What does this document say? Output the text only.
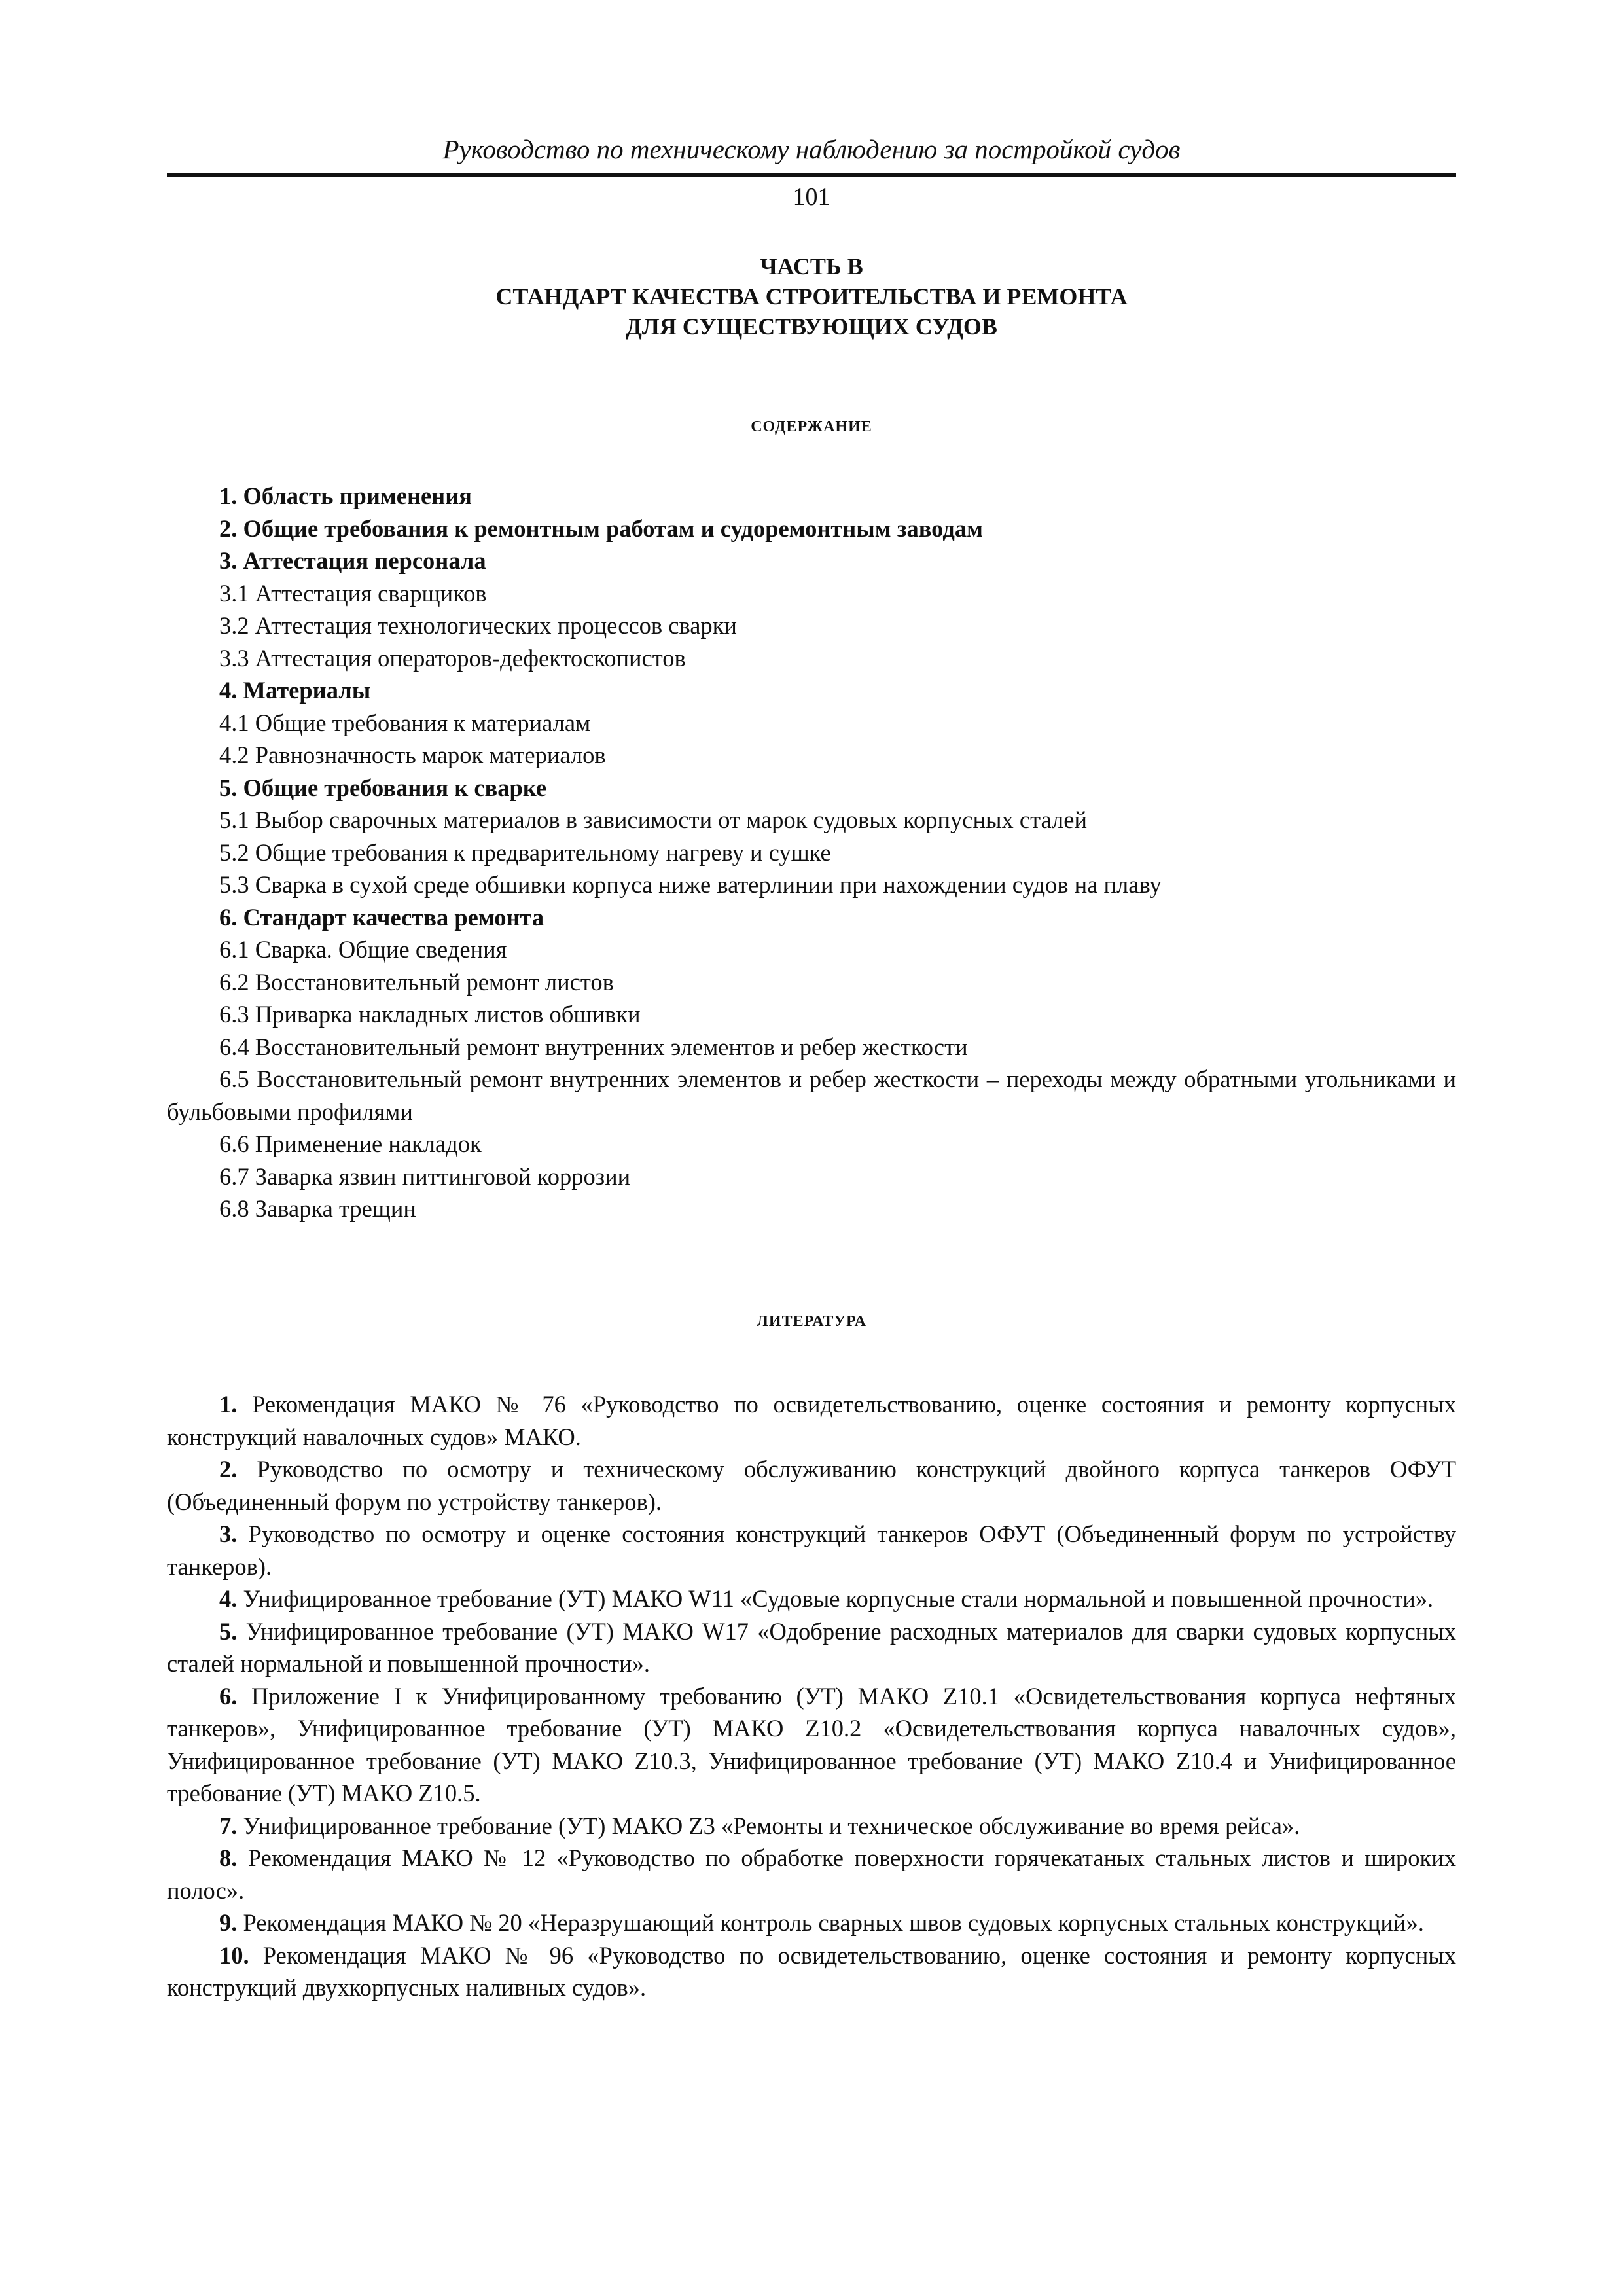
Руководство по техническому наблюдению за постройкой судов
101
ЧАСТЬ B
СТАНДАРТ КАЧЕСТВА СТРОИТЕЛЬСТВА И РЕМОНТА
ДЛЯ СУЩЕСТВУЮЩИХ СУДОВ
СОДЕРЖАНИЕ
1. Область применения
2. Общие требования к ремонтным работам и судоремонтным заводам
3. Аттестация персонала
3.1 Аттестация сварщиков
3.2 Аттестация технологических процессов сварки
3.3 Аттестация операторов-дефектоскопистов
4. Материалы
4.1 Общие требования к материалам
4.2 Равнозначность марок материалов
5. Общие требования к сварке
5.1 Выбор сварочных материалов в зависимости от марок судовых корпусных сталей
5.2 Общие требования к предварительному нагреву и сушке
5.3 Сварка в сухой среде обшивки корпуса ниже ватерлинии при нахождении судов на плаву
6. Стандарт качества ремонта
6.1 Сварка. Общие сведения
6.2 Восстановительный ремонт листов
6.3 Приварка накладных листов обшивки
6.4 Восстановительный ремонт внутренних элементов и ребер жесткости
6.5 Восстановительный ремонт внутренних элементов и ребер жесткости – переходы между обратными угольниками и бульбовыми профилями
6.6 Применение накладок
6.7 Заварка язвин питтинговой коррозии
6.8 Заварка трещин
ЛИТЕРАТУРА
1. Рекомендация МАКО № 76 «Руководство по освидетельствованию, оценке состояния и ремонту корпусных конструкций навалочных судов» МАКО.
2. Руководство по осмотру и техническому обслуживанию конструкций двойного корпуса танкеров ОФУТ (Объединенный форум по устройству танкеров).
3. Руководство по осмотру и оценке состояния конструкций танкеров ОФУТ (Объединенный форум по устройству танкеров).
4. Унифицированное требование (УТ) МАКО W11 «Судовые корпусные стали нормальной и повышенной прочности».
5. Унифицированное требование (УТ) МАКО W17 «Одобрение расходных материалов для сварки судовых корпусных сталей нормальной и повышенной прочности».
6. Приложение I к Унифицированному требованию (УТ) МАКО Z10.1 «Освидетельствования корпуса нефтяных танкеров», Унифицированное требование (УТ) МАКО Z10.2 «Освидетельствования корпуса навалочных судов», Унифицированное требование (УТ) МАКО Z10.3, Унифицированное требование (УТ) МАКО Z10.4 и Унифицированное требование (УТ) МАКО Z10.5.
7. Унифицированное требование (УТ) МАКО Z3 «Ремонты и техническое обслуживание во время рейса».
8. Рекомендация МАКО № 12 «Руководство по обработке поверхности горячекатаных стальных листов и широких полос».
9. Рекомендация МАКО № 20 «Неразрушающий контроль сварных швов судовых корпусных стальных конструкций».
10. Рекомендация МАКО № 96 «Руководство по освидетельствованию, оценке состояния и ремонту корпусных конструкций двухкорпусных наливных судов».
